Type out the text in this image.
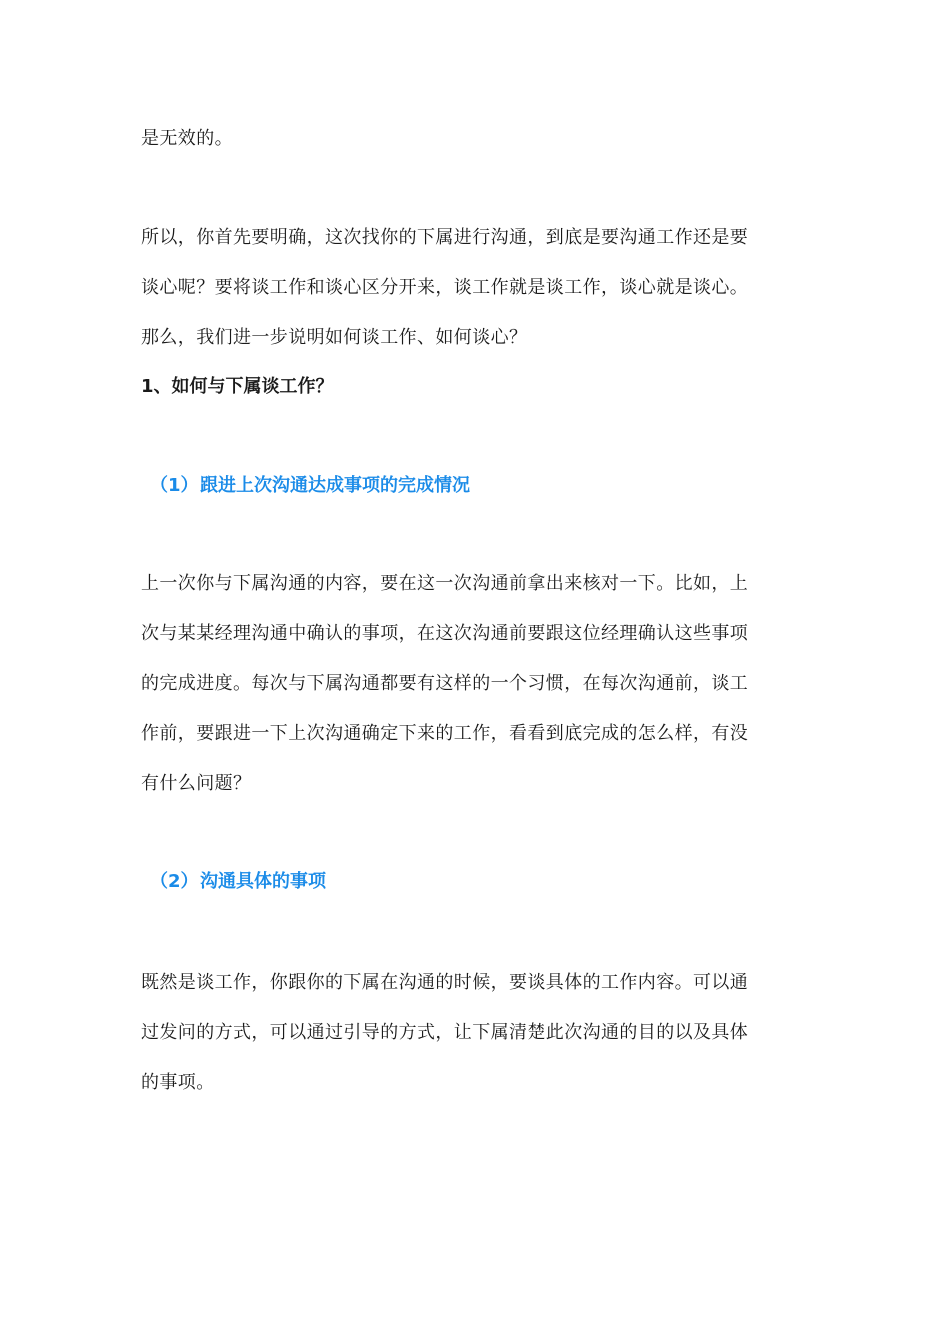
是无效的。
所以，你首先要明确，这次找你的下属进行沟通，到底是要沟通工作还是要
谈心呢？要将谈工作和谈心区分开来，谈工作就是谈工作，谈心就是谈心。
那么，我们进一步说明如何谈工作、如何谈心？
1、如何与下属谈工作？
（1）跟进上次沟通达成事项的完成情况
上一次你与下属沟通的内容，要在这一次沟通前拿出来核对一下。比如，上
次与某某经理沟通中确认的事项，在这次沟通前要跟这位经理确认这些事项
的完成进度。每次与下属沟通都要有这样的一个习惯，在每次沟通前，谈工
作前，要跟进一下上次沟通确定下来的工作，看看到底完成的怎么样，有没
有什么问题？
（2）沟通具体的事项
既然是谈工作，你跟你的下属在沟通的时候，要谈具体的工作内容。可以通
过发问的方式，可以通过引导的方式，让下属清楚此次沟通的目的以及具体
的事项。
